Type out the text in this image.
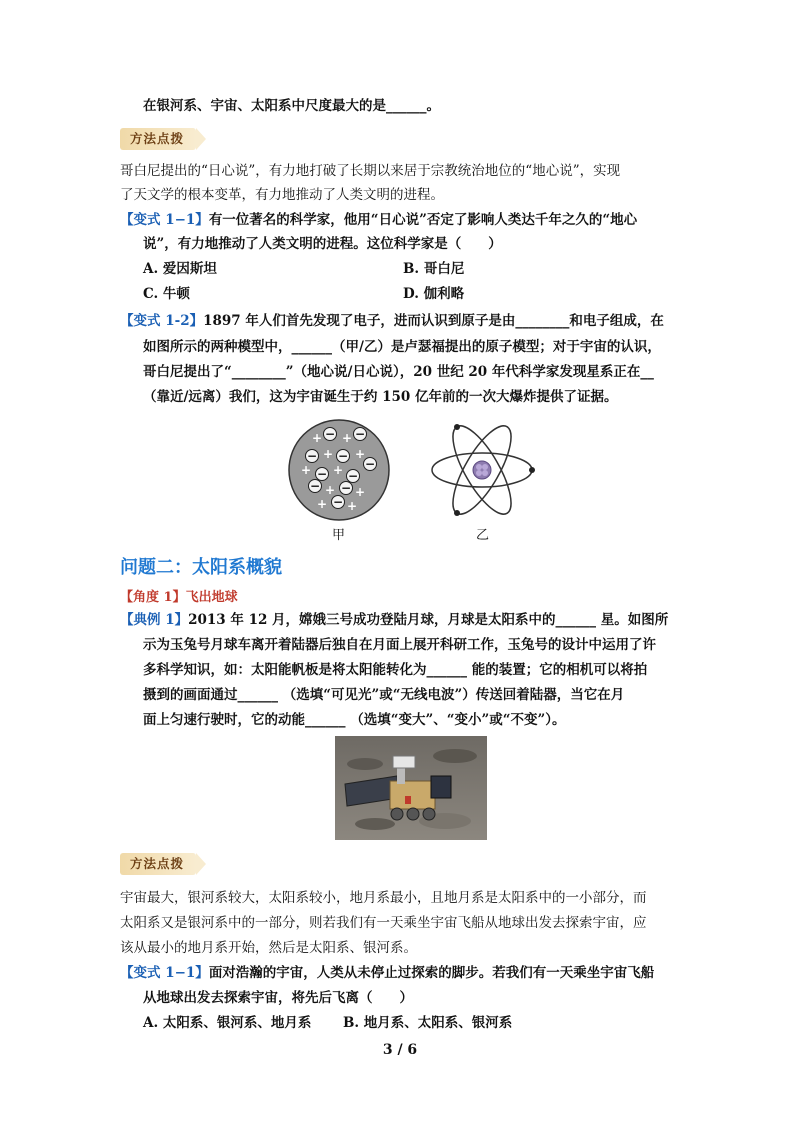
在银河系、宇宙、太阳系中尺度最大的是______。
方法点拨
哥白尼提出的“日心说”，有力地打破了长期以来居于宗教统治地位的“地心说”，实现
了天文学的根本变革，有力地推动了人类文明的进程。
【变式 1−1】有一位著名的科学家，他用“日心说”否定了影响人类达千年之久的“地心
说”，有力地推动了人类文明的进程。这位科学家是（　　）
A. 爱因斯坦	B. 哥白尼
C. 牛顿	D. 伽利略
【变式 1-2】1897 年人们首先发现了电子，进而认识到原子是由________和电子组成，在
如图所示的两种模型中，______（甲/乙）是卢瑟福提出的原子模型；对于宇宙的认识，
哥白尼提出了“________”（地心说/日心说），20 世纪 20 年代科学家发现星系正在__
（靠近/远离）我们，这为宇宙诞生于约 150 亿年前的一次大爆炸提供了证据。
+ − + −
− + − +
−
+ − + −
− + − +
+ − +
甲	乙
问题二：太阳系概貌
【角度 1】飞出地球
【典例 1】2013 年 12 月，嫦娥三号成功登陆月球，月球是太阳系中的______ 星。如图所
示为玉兔号月球车离开着陆器后独自在月面上展开科研工作，玉兔号的设计中运用了许
多科学知识，如：太阳能帆板是将太阳能转化为______ 能的装置；它的相机可以将拍
摄到的画面通过______ （选填“可见光”或“无线电波”）传送回着陆器，当它在月
面上匀速行驶时，它的动能______ （选填“变大”、“变小”或“不变”）。
方法点拨
宇宙最大，银河系较大，太阳系较小，地月系最小，且地月系是太阳系中的一小部分，而
太阳系又是银河系中的一部分，则若我们有一天乘坐宇宙飞船从地球出发去探索宇宙，应
该从最小的地月系开始，然后是太阳系、银河系。
【变式 1−1】面对浩瀚的宇宙，人类从未停止过探索的脚步。若我们有一天乘坐宇宙飞船
从地球出发去探索宇宙，将先后飞离（　　）
A. 太阳系、银河系、地月系 B. 地月系、太阳系、银河系
3 / 6
